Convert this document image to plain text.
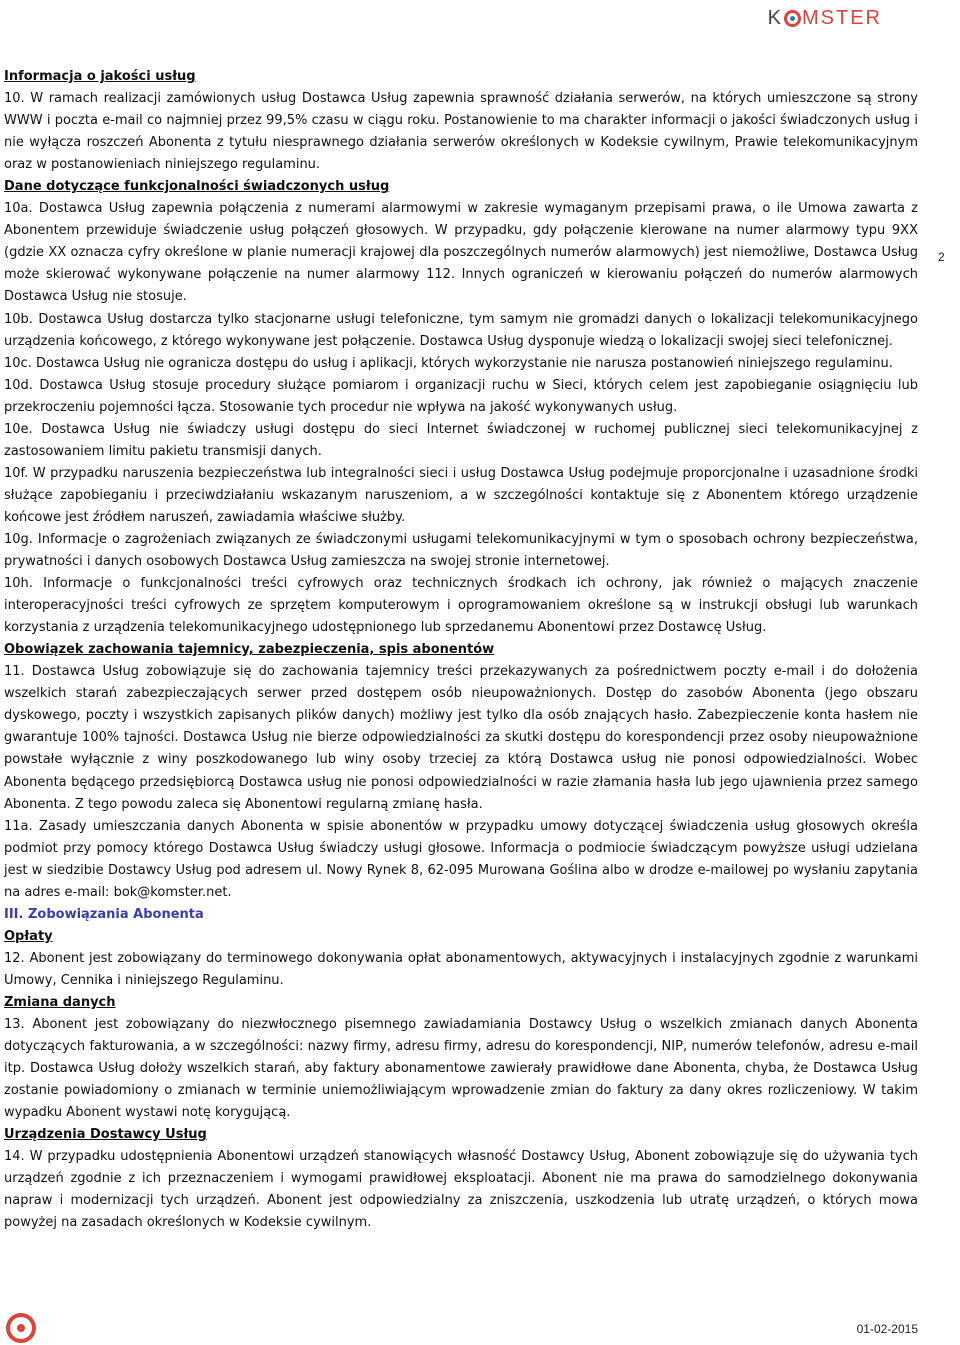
K MSTER
Informacja o jakości usług

10. W ramach realizacji zamówionych usług Dostawca Usług zapewnia sprawność działania serwerów, na których umieszczone są strony WWW i poczta e-mail co najmniej przez 99,5% czasu w ciągu roku. Postanowienie to ma charakter informacji o jakości świadczonych usług i nie wyłącza roszczeń Abonenta z tytułu niesprawnego działania serwerów określonych w Kodeksie cywilnym, Prawie telekomunikacyjnym oraz w postanowieniach niniejszego regulaminu.

Dane dotyczące funkcjonalności świadczonych usług

10a. Dostawca Usług zapewnia połączenia z numerami alarmowymi w zakresie wymaganym przepisami prawa, o ile Umowa zawarta z Abonentem przewiduje świadczenie usług połączeń głosowych. W przypadku, gdy połączenie kierowane na numer alarmowy typu 9XX (gdzie XX oznacza cyfry określone w planie numeracji krajowej dla poszczególnych numerów alarmowych) jest niemożliwe, Dostawca Usług może skierować wykonywane połączenie na numer alarmowy 112. Innych ograniczeń w kierowaniu połączeń do numerów alarmowych Dostawca Usług nie stosuje.

10b. Dostawca Usług dostarcza tylko stacjonarne usługi telefoniczne, tym samym nie gromadzi danych o lokalizacji telekomunikacyjnego urządzenia końcowego, z którego wykonywane jest połączenie. Dostawca Usług dysponuje wiedzą o lokalizacji swojej sieci telefonicznej.

10c. Dostawca Usług nie ogranicza dostępu do usług i aplikacji, których wykorzystanie nie narusza postanowień niniejszego regulaminu.

10d. Dostawca Usług stosuje procedury służące pomiarom i organizacji ruchu w Sieci, których celem jest zapobieganie osiągnięciu lub przekroczeniu pojemności łącza. Stosowanie tych procedur nie wpływa na jakość wykonywanych usług.

10e. Dostawca Usług nie świadczy usługi dostępu do sieci Internet świadczonej w ruchomej publicznej sieci telekomunikacyjnej z zastosowaniem limitu pakietu transmisji danych.

10f. W przypadku naruszenia bezpieczeństwa lub integralności sieci i usług Dostawca Usług podejmuje proporcjonalne i uzasadnione środki służące zapobieganiu i przeciwdziałaniu wskazanym naruszeniom, a w szczególności kontaktuje się z Abonentem którego urządzenie końcowe jest źródłem naruszeń, zawiadamia właściwe służby.

10g. Informacje o zagrożeniach związanych ze świadczonymi usługami telekomunikacyjnymi w tym o sposobach ochrony bezpieczeństwa, prywatności i danych osobowych Dostawca Usług zamieszcza na swojej stronie internetowej.

10h. Informacje o funkcjonalności treści cyfrowych oraz technicznych środkach ich ochrony, jak również o mających znaczenie interoperacyjności treści cyfrowych ze sprzętem komputerowym i oprogramowaniem określone są w instrukcji obsługi lub warunkach korzystania z urządzenia telekomunikacyjnego udostępnionego lub sprzedanemu Abonentowi przez Dostawcę Usług.

Obowiązek zachowania tajemnicy, zabezpieczenia, spis abonentów

11. Dostawca Usług zobowiązuje się do zachowania tajemnicy treści przekazywanych za pośrednictwem poczty e-mail i do dołożenia wszelkich starań zabezpieczających serwer przed dostępem osób nieupoważnionych. Dostęp do zasobów Abonenta (jego obszaru dyskowego, poczty i wszystkich zapisanych plików danych) możliwy jest tylko dla osób znających hasło. Zabezpieczenie konta hasłem nie gwarantuje 100% tajności. Dostawca Usług nie bierze odpowiedzialności za skutki dostępu do korespondencji przez osoby nieupoważnione powstałe wyłącznie z winy poszkodowanego lub winy osoby trzeciej za którą Dostawca usług nie ponosi odpowiedzialności. Wobec Abonenta będącego przedsiębiorcą Dostawca usług nie ponosi odpowiedzialności w razie złamania hasła lub jego ujawnienia przez samego Abonenta. Z tego powodu zaleca się Abonentowi regularną zmianę hasła.

11a. Zasady umieszczania danych Abonenta w spisie abonentów w przypadku umowy dotyczącej świadczenia usług głosowych określa podmiot przy pomocy którego Dostawca Usług świadczy usługi głosowe. Informacja o podmiocie świadczącym powyższe usługi udzielana jest w siedzibie Dostawcy Usług pod adresem ul. Nowy Rynek 8, 62-095 Murowana Goślina albo w drodze e-mailowej po wysłaniu zapytania na adres e-mail: bok@komster.net.

III. Zobowiązania Abonenta
Opłaty

12. Abonent jest zobowiązany do terminowego dokonywania opłat abonamentowych, aktywacyjnych i instalacyjnych zgodnie z warunkami Umowy, Cennika i niniejszego Regulaminu.

Zmiana danych

13. Abonent jest zobowiązany do niezwłocznego pisemnego zawiadamiania Dostawcy Usług o wszelkich zmianach danych Abonenta dotyczących fakturowania, a w szczególności: nazwy firmy, adresu firmy, adresu do korespondencji, NIP, numerów telefonów, adresu e-mail itp. Dostawca Usług dołoży wszelkich starań, aby faktury abonamentowe zawierały prawidłowe dane Abonenta, chyba, że Dostawca Usług zostanie powiadomiony o zmianach w terminie uniemożliwiającym wprowadzenie zmian do faktury za dany okres rozliczeniowy. W takim wypadku Abonent wystawi notę korygującą.

Urządzenia Dostawcy Usług

14. W przypadku udostępnienia Abonentowi urządzeń stanowiących własność Dostawcy Usług, Abonent zobowiązuje się do używania tych urządzeń zgodnie z ich przeznaczeniem i wymogami prawidłowej eksploatacji. Abonent nie ma prawa do samodzielnego dokonywania napraw i modernizacji tych urządzeń. Abonent jest odpowiedzialny za zniszczenia, uszkodzenia lub utratę urządzeń, o których mowa powyżej na zasadach określonych w Kodeksie cywilnym.

2
01-02-2015
